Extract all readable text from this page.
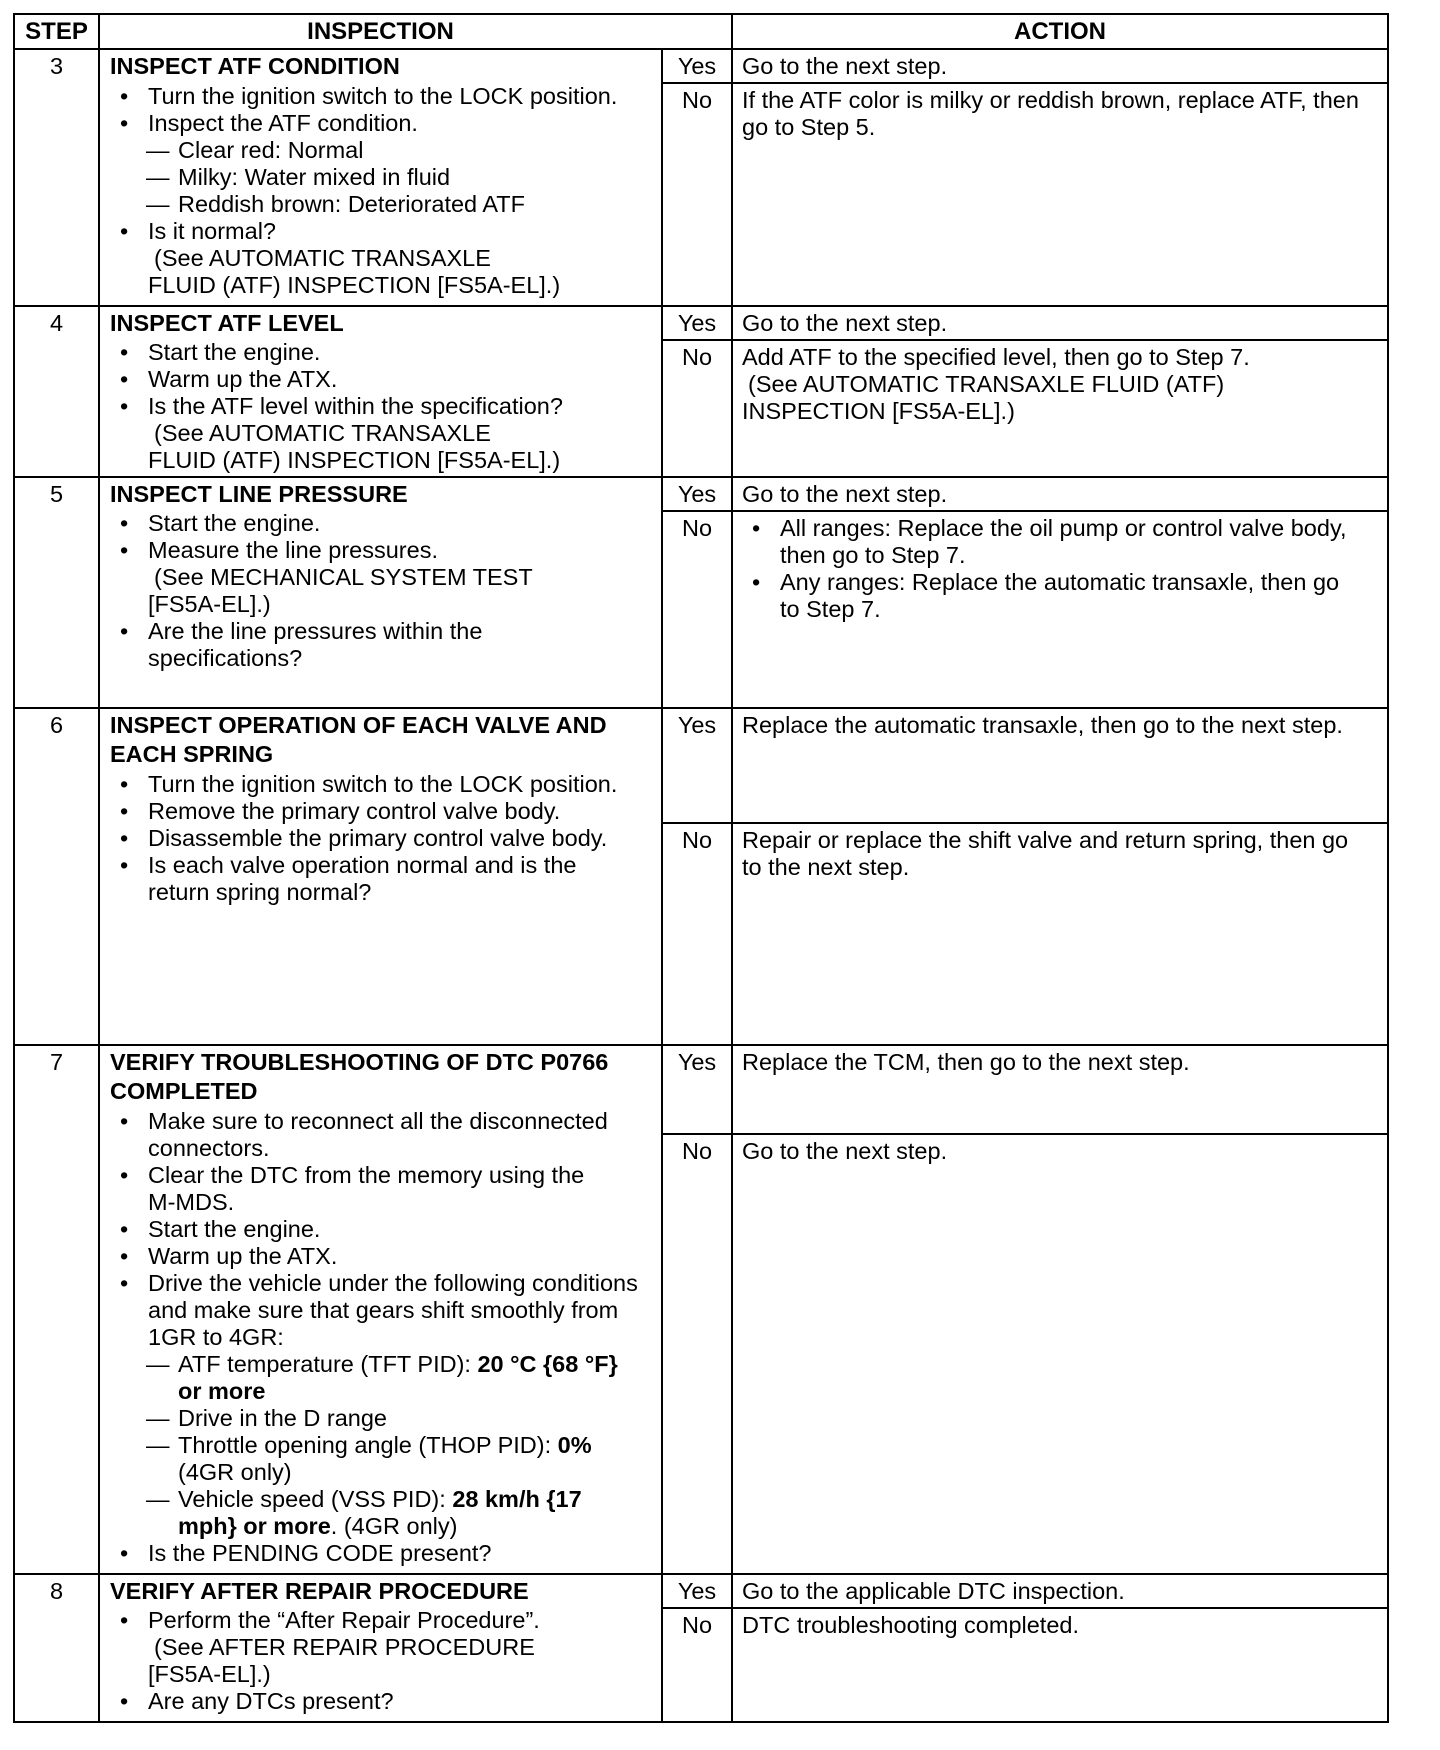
STEP	INSPECTION	ACTION
3	INSPECT ATF CONDITION
• Turn the ignition switch to the LOCK position.
• Inspect the ATF condition.
— Clear red: Normal
— Milky: Water mixed in fluid
— Reddish brown: Deteriorated ATF
• Is it normal?
(See AUTOMATIC TRANSAXLE
FLUID (ATF) INSPECTION [FS5A-EL].)
Yes	Go to the next step.
No	If the ATF color is milky or reddish brown, replace ATF, then
go to Step 5.
4	INSPECT ATF LEVEL
• Start the engine.
• Warm up the ATX.
• Is the ATF level within the specification?
(See AUTOMATIC TRANSAXLE
FLUID (ATF) INSPECTION [FS5A-EL].)
Yes	Go to the next step.
No	Add ATF to the specified level, then go to Step 7.
(See AUTOMATIC TRANSAXLE FLUID (ATF)
INSPECTION [FS5A-EL].)
5	INSPECT LINE PRESSURE
• Start the engine.
• Measure the line pressures.
(See MECHANICAL SYSTEM TEST
[FS5A-EL].)
• Are the line pressures within the
specifications?
Yes	Go to the next step.
No
•	All ranges: Replace the oil pump or control valve body,
then go to Step 7.
• Any ranges: Replace the automatic transaxle, then go
to Step 7.
6	INSPECT OPERATION OF EACH VALVE AND
EACH SPRING
• Turn the ignition switch to the LOCK position.
• Remove the primary control valve body.
• Disassemble the primary control valve body.
• Is each valve operation normal and is the
return spring normal?
Yes	Replace the automatic transaxle, then go to the next step.
No	Repair or replace the shift valve and return spring, then go
to the next step.
7	VERIFY TROUBLESHOOTING OF DTC P0766
COMPLETED
• Make sure to reconnect all the disconnected
connectors.
• Clear the DTC from the memory using the
M-MDS.
• Start the engine.
• Warm up the ATX.
• Drive the vehicle under the following conditions
and make sure that gears shift smoothly from
1GR to 4GR:
— ATF temperature (TFT PID): 20 °C {68 °F}
or more
— Drive in the D range
— Throttle opening angle (THOP PID): 0%
(4GR only)
— Vehicle speed (VSS PID): 28 km/h {17
mph} or more. (4GR only)
• Is the PENDING CODE present?
Yes	Replace the TCM, then go to the next step.
No	Go to the next step.
8	VERIFY AFTER REPAIR PROCEDURE
• Perform the “After Repair Procedure”.
(See AFTER REPAIR PROCEDURE
[FS5A-EL].)
• Are any DTCs present?
Yes	Go to the applicable DTC inspection.
No	DTC troubleshooting completed.
